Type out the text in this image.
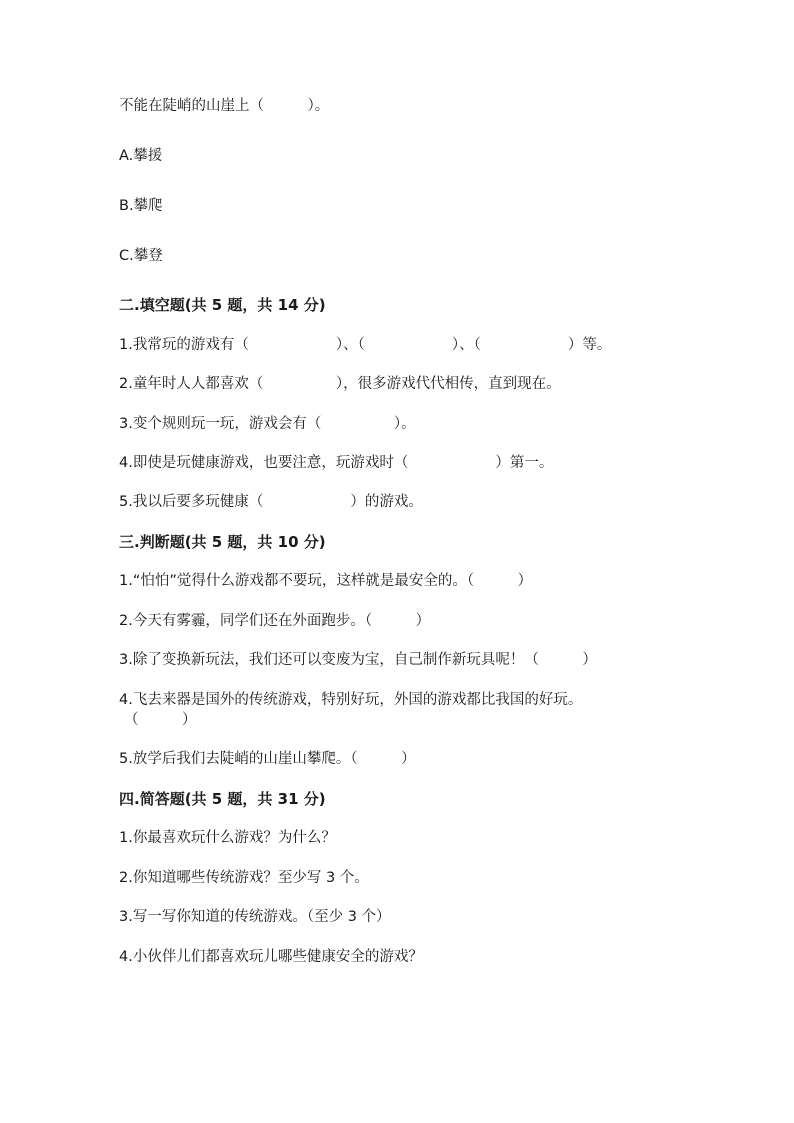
不能在陡峭的山崖上（　　　）。
A.攀援
B.攀爬
C.攀登
二.填空题(共 5 题，共 14 分)
1.我常玩的游戏有（　　　　　　）、（　　　　　　）、（　　　　　　）等。
2.童年时人人都喜欢（　　　　　），很多游戏代代相传，直到现在。
3.变个规则玩一玩，游戏会有（　　　　　）。
4.即使是玩健康游戏，也要注意，玩游戏时（　　　　　　）第一。
5.我以后要多玩健康（　　　　　　）的游戏。
三.判断题(共 5 题，共 10 分)
1.“怕怕”觉得什么游戏都不要玩，这样就是最安全的。（　　　）
2.今天有雾霾，同学们还在外面跑步。（　　　）
3.除了变换新玩法，我们还可以变废为宝，自己制作新玩具呢！（　　　）
4.飞去来器是国外的传统游戏，特别好玩，外国的游戏都比我国的好玩。
（　　　）
5.放学后我们去陡峭的山崖山攀爬。（　　　）
四.简答题(共 5 题，共 31 分)
1.你最喜欢玩什么游戏？为什么？
2.你知道哪些传统游戏？至少写 3 个。
3.写一写你知道的传统游戏。（至少 3 个）
4.小伙伴儿们都喜欢玩儿哪些健康安全的游戏？
